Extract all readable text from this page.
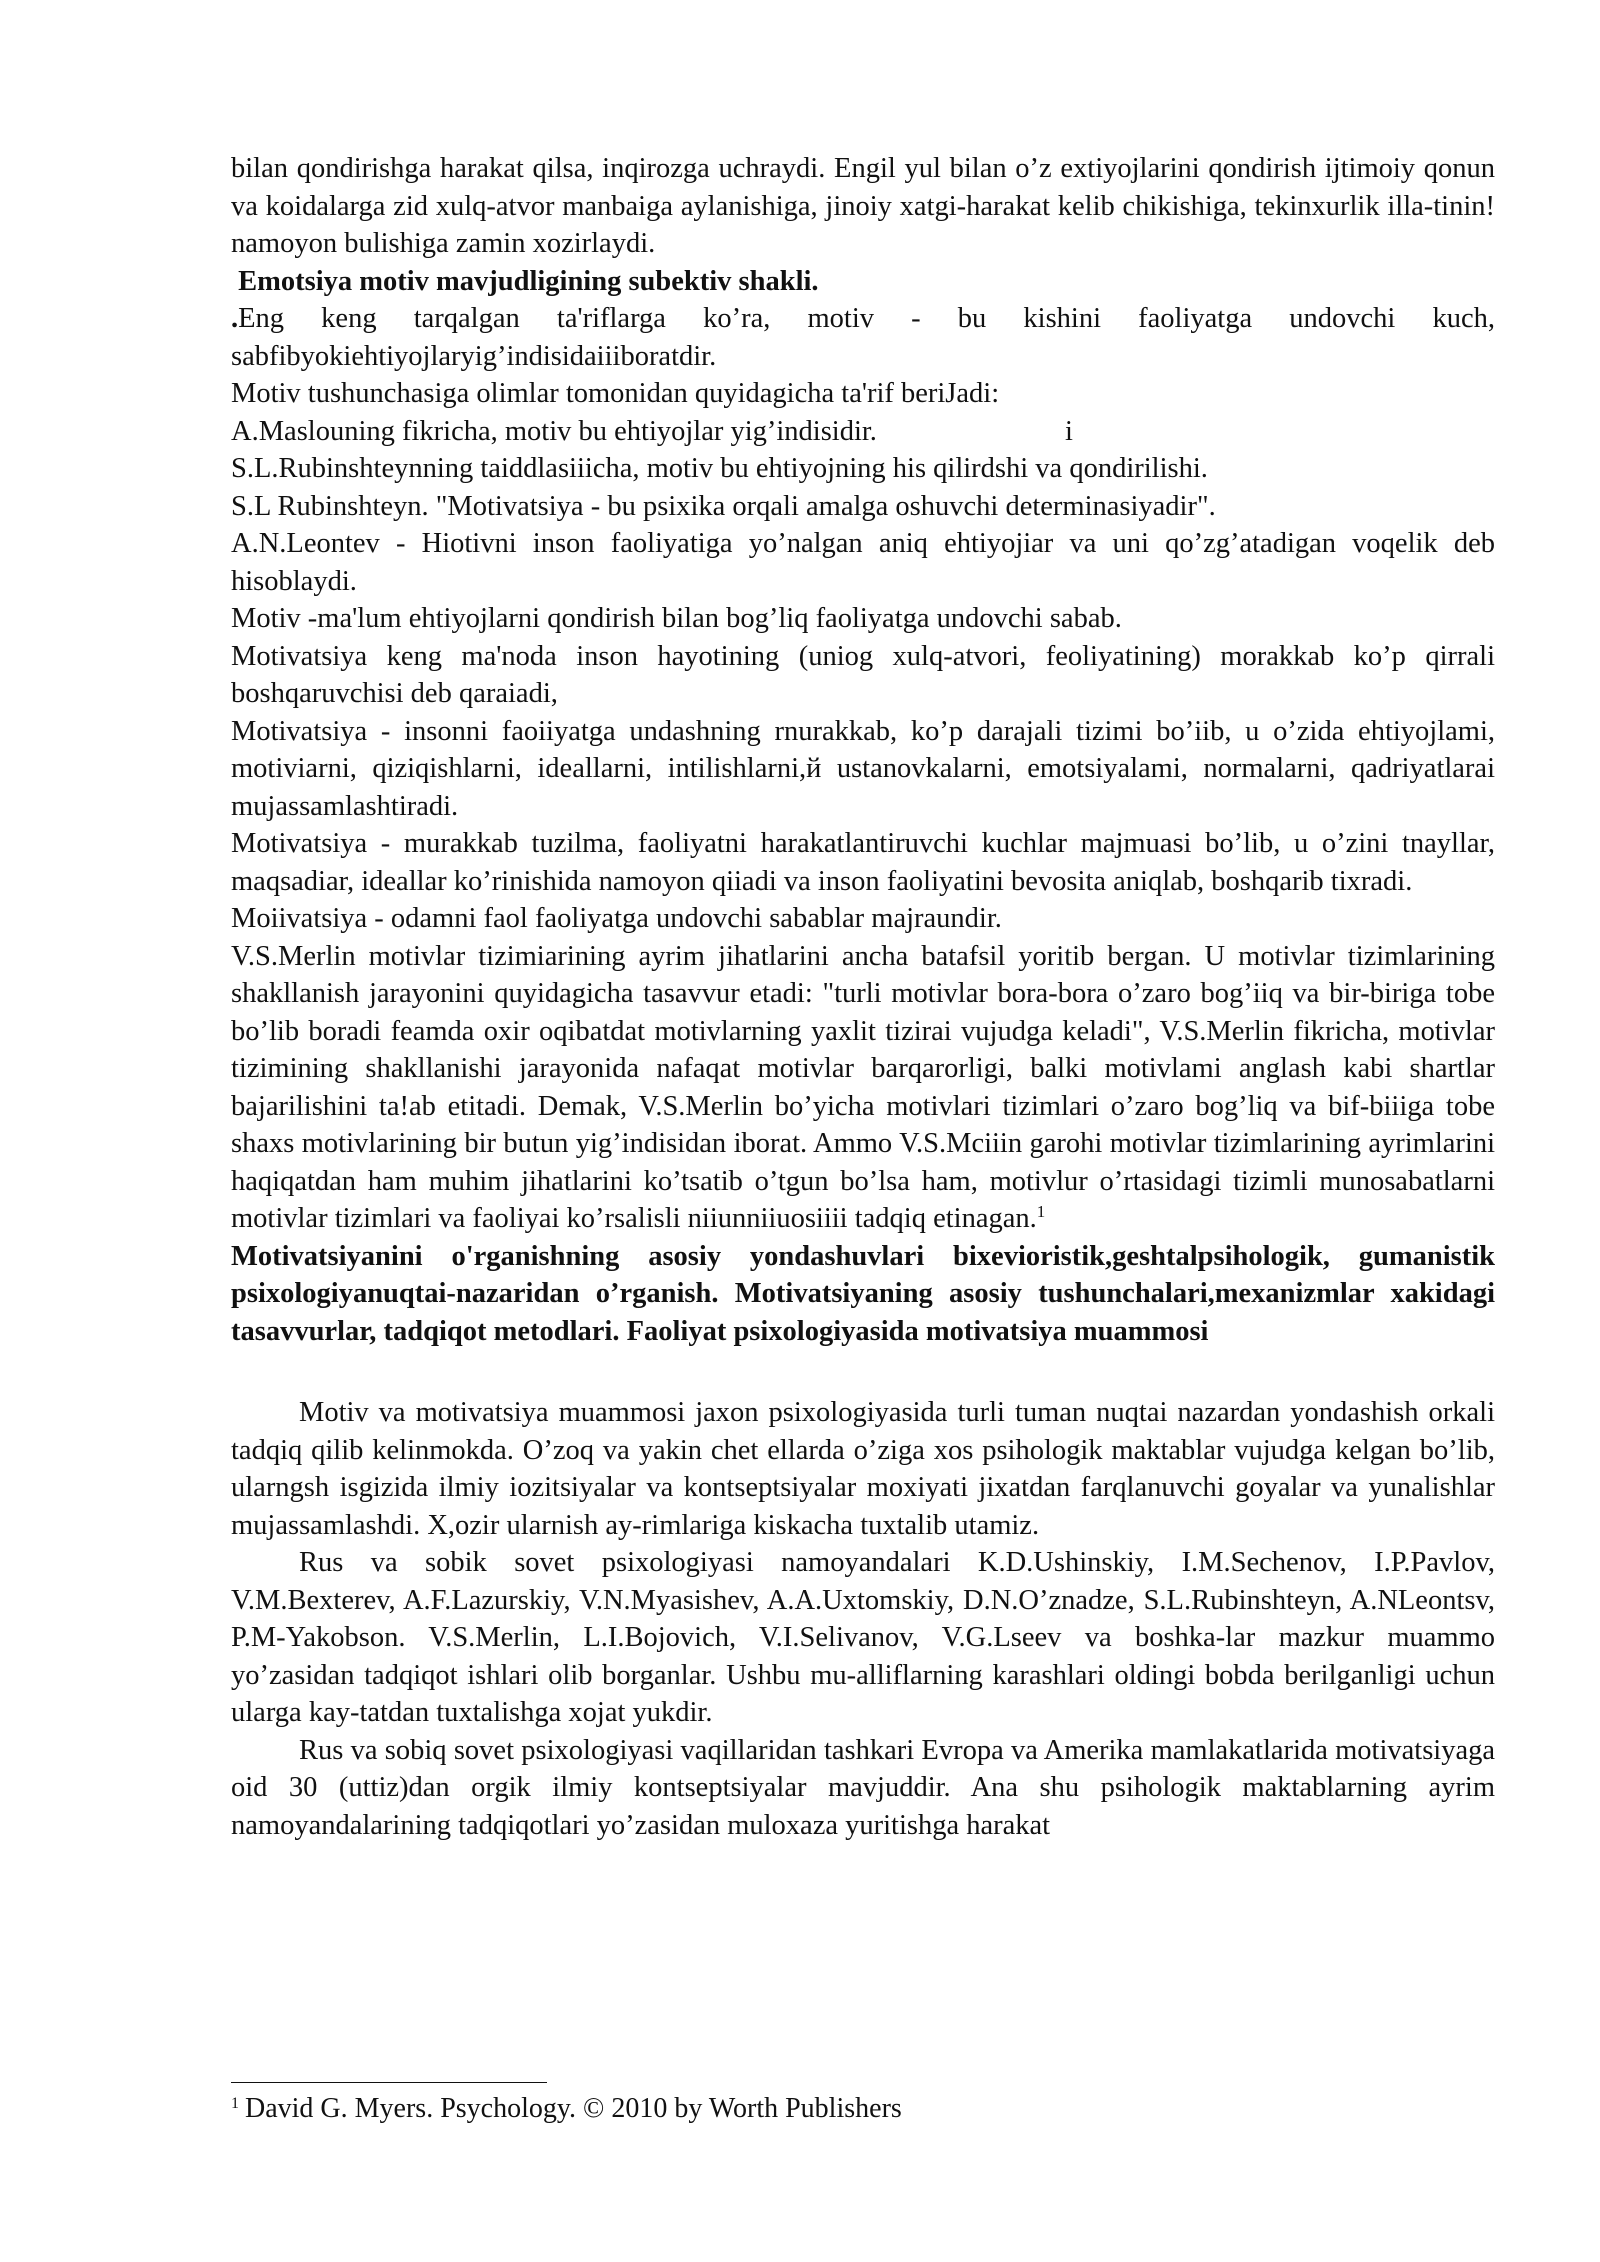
bilan qondirishga harakat qilsa, inqirozga uchraydi. Engil yul bilan o’z extiyojlarini qondirish ijtimoiy qonun va koidalarga zid xulq-atvor manbaiga aylanishiga, jinoiy xatgi-harakat kelib chikishiga, tekinxurlik illa-tinin! namoyon bulishiga zamin xozirlaydi.

Emotsiya motiv mavjudligining subektiv shakli.

.Eng keng tarqalgan ta'riflarga ko’ra, motiv - bu kishini faoliyatga undovchi kuch, sabfibyokiehtiyojlaryig’indisidaiiiboratdir.

Motiv tushunchasiga olimlar tomonidan quyidagicha ta'rif beriJadi:

A.Maslouning fikricha, motiv bu ehtiyojlar yig’indisidir.	i

S.L.Rubinshteynning taiddlasiiicha, motiv bu ehtiyojning his qilirdshi va qondirilishi.

S.L Rubinshteyn. "Motivatsiya - bu psixika orqali amalga oshuvchi determinasiyadir".

A.N.Leontev - Hiotivni inson faoliyatiga yo’nalgan aniq ehtiyojiar va uni qo’zg’atadigan voqelik deb hisoblaydi.

Motiv -ma'lum ehtiyojlarni qondirish bilan bog’liq faoliyatga undovchi sabab.

Motivatsiya keng ma'noda inson hayotining (uniog xulq-atvori, feoliyatining) morakkab ko’p qirrali boshqaruvchisi deb qaraiadi,

Motivatsiya - insonni faoiiyatga undashning rnurakkab, ko’p darajali tizimi bo’iib, u o’zida ehtiyojlami, motiviarni, qiziqishlarni, ideallarni, intilishlarni,й ustanovkalarni, emotsiyalami, normalarni, qadriyatlarai mujassamlashtiradi.

Motivatsiya - murakkab tuzilma, faoliyatni harakatlantiruvchi kuchlar majmuasi bo’lib, u o’zini tnayllar, maqsadiar, ideallar ko’rinishida namoyon qiiadi va inson faoliyatini bevosita aniqlab, boshqarib tixradi.

Moiivatsiya - odamni faol faoliyatga undovchi sabablar majraundir.

V.S.Merlin motivlar tizimiarining ayrim jihatlarini ancha batafsil yoritib bergan. U motivlar tizimlarining shakllanish jarayonini quyidagicha tasavvur etadi: "turli motivlar bora-bora o’zaro bog’iiq va bir-biriga tobe bo’lib boradi feamda oxir oqibatdat motivlarning yaxlit tizirai vujudga keladi", V.S.Merlin fikricha, motivlar tizimining shakllanishi jarayonida nafaqat motivlar barqarorligi, balki motivlami anglash kabi shartlar bajarilishini ta!ab etitadi. Demak, V.S.Merlin bo’yicha motivlari tizimlari o’zaro bog’liq va bif-biiiga tobe shaxs motivlarining bir butun yig’indisidan iborat. Ammo V.S.Mciiin garohi motivlar tizimlarining ayrimlarini haqiqatdan ham muhim jihatlarini ko’tsatib o’tgun bo’lsa ham, motivlur o’rtasidagi tizimli munosabatlarni motivlar tizimlari va faoliyai ko’rsalisli niiunniiuosiiii tadqiq etinagan.$^1$

Motivatsiyanini o'rganishning asosiy yondashuvlari bixevioristik,geshtalpsihologik, gumanistik psixologiyanuqtai-nazaridan o’rganish. Motivatsiyaning asosiy tushunchalari,mexanizmlar xakidagi tasavvurlar, tadqiqot metodlari. Faoliyat psixologiyasida motivatsiya muammosi

Motiv va motivatsiya muammosi jaxon psixologiyasida turli tuman nuqtai nazardan yondashish orkali tadqiq qilib kelinmokda. O’zoq va yakin chet ellarda o’ziga xos psihologik maktablar vujudga kelgan bo’lib, ularngsh isgizida ilmiy iozitsiyalar va kontseptsiyalar moxiyati jixatdan farqlanuvchi goyalar va yunalishlar mujassamlashdi. X,ozir ularnish ay-rimlariga kiskacha tuxtalib utamiz.

Rus va sobik sovet psixologiyasi namoyandalari K.D.Ushinskiy, I.M.Sechenov, I.P.Pavlov, V.M.Bexterev, A.F.Lazurskiy, V.N.Myasishev, A.A.Uxtomskiy, D.N.O’znadze, S.L.Rubinshteyn, A.NLeontsv, P.M-Yakobson. V.S.Merlin, L.I.Bojovich, V.I.Selivanov, V.G.Lseev va boshka-lar mazkur muammo yo’zasidan tadqiqot ishlari olib borganlar. Ushbu mu-alliflarning karashlari oldingi bobda berilganligi uchun ularga kay-tatdan tuxtalishga xojat yukdir.

Rus va sobiq sovet psixologiyasi vaqillaridan tashkari Evropa va Amerika mamlakatlarida motivatsiyaga oid 30 (uttiz)dan orgik ilmiy kontseptsiyalar mavjuddir. Ana shu psihologik maktablarning ayrim namoyandalarining tadqiqotlari yo’zasidan muloxaza yuritishga harakat

$^1$ David G. Myers. Psychology. © 2010 by Worth Publishers
